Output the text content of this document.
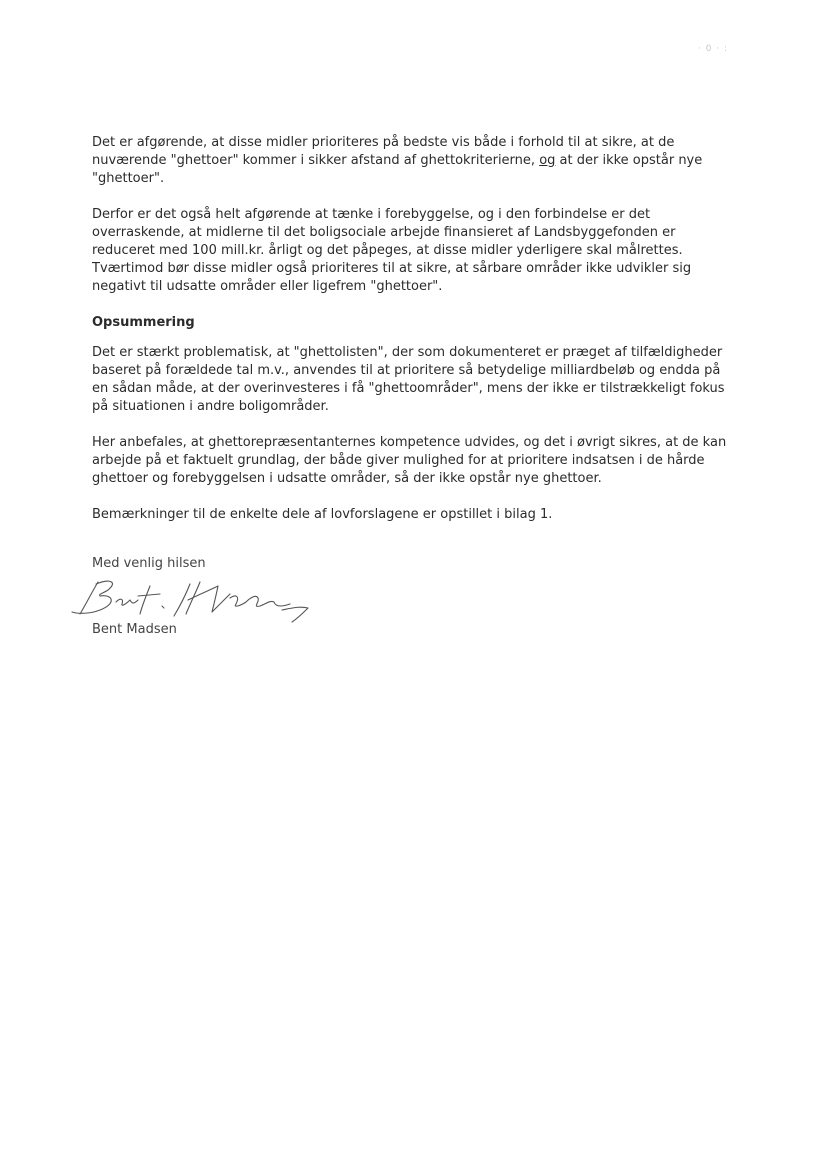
· 0 · :

Det er afgørende, at disse midler prioriteres på bedste vis både i forhold til at sikre, at de nuværende "ghettoer" kommer i sikker afstand af ghettokriterierne, og at der ikke opstår nye "ghettoer".

Derfor er det også helt afgørende at tænke i forebyggelse, og i den forbindelse er det overraskende, at midlerne til det boligsociale arbejde finansieret af Landsbyggefonden er reduceret med 100 mill.kr. årligt og det påpeges, at disse midler yderligere skal målrettes. Tværtimod bør disse midler også prioriteres til at sikre, at sårbare områder ikke udvikler sig negativt til udsatte områder eller ligefrem "ghettoer".

Opsummering

Det er stærkt problematisk, at "ghettolisten", der som dokumenteret er præget af tilfældigheder baseret på forældede tal m.v., anvendes til at prioritere så betydelige milliardbeløb og endda på en sådan måde, at der overinvesteres i få "ghettoområder", mens der ikke er tilstrækkeligt fokus på situationen i andre boligområder.

Her anbefales, at ghettorepræsentanternes kompetence udvides, og det i øvrigt sikres, at de kan arbejde på et faktuelt grundlag, der både giver mulighed for at prioritere indsatsen i de hårde ghettoer og forebyggelsen i udsatte områder, så der ikke opstår nye ghettoer.

Bemærkninger til de enkelte dele af lovforslagene er opstillet i bilag 1.

Med venlig hilsen
Bent Madsen
Bent Madsen
